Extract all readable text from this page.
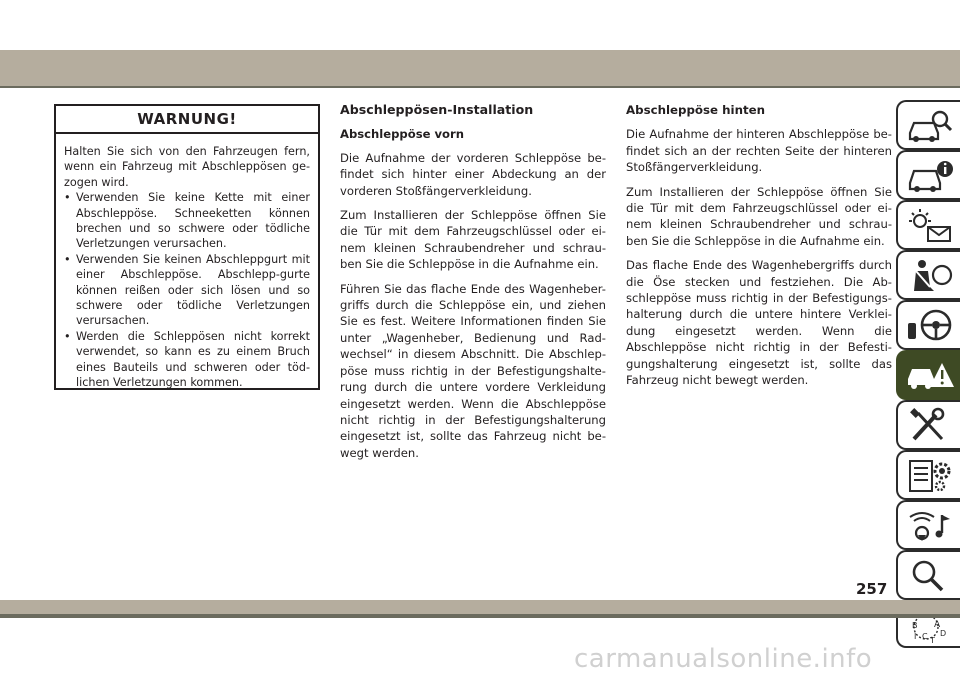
WARNUNG!

Halten Sie sich von den Fahrzeugen fern, wenn ein Fahrzeug mit Abschleppösen ge-zogen wird.

• Verwenden Sie keine Kette mit einer Abschleppöse. Schneeketten können brechen und so schwere oder tödliche Verletzungen verursachen.
• Verwenden Sie keinen Abschleppgurt mit einer Abschleppöse. Abschlepp-gurte können reißen oder sich lösen und so schwere oder tödliche Verletzungen verursachen.
• Werden die Schleppösen nicht korrekt verwendet, so kann es zu einem Bruch eines Bauteils und schweren oder töd-lichen Verletzungen kommen.
Abschleppösen-Installation
Abschleppöse vorn

Die Aufnahme der vorderen Schleppöse be-findet sich hinter einer Abdeckung an der vorderen Stoßfängerverkleidung.

Zum Installieren der Schleppöse öffnen Sie die Tür mit dem Fahrzeugschlüssel oder ei-nem kleinen Schraubendreher und schrau-ben Sie die Schleppöse in die Aufnahme ein.

Führen Sie das flache Ende des Wagenheber-griffs durch die Schleppöse ein, und ziehen Sie es fest. Weitere Informationen finden Sie unter „Wagenheber, Bedienung und Rad-wechsel“ in diesem Abschnitt. Die Abschlep-pöse muss richtig in der Befestigungshalte-rung durch die untere vordere Verkleidung eingesetzt werden. Wenn die Abschleppöse nicht richtig in der Befestigungshalterung eingesetzt ist, sollte das Fahrzeug nicht be-wegt werden.

Abschleppöse hinten

Die Aufnahme der hinteren Abschleppöse be-findet sich an der rechten Seite der hinteren Stoßfängerverkleidung.

Zum Installieren der Schleppöse öffnen Sie die Tür mit dem Fahrzeugschlüssel oder ei-nem kleinen Schraubendreher und schrau-ben Sie die Schleppöse in die Aufnahme ein.

Das flache Ende des Wagenhebergriffs durch die Öse stecken und festziehen. Die Ab-schleppöse muss richtig in der Befestigungs-halterung durch die untere hintere Verklei-dung eingesetzt werden. Wenn die Abschleppöse nicht richtig in der Befesti-gungshalterung eingesetzt ist, sollte das Fahrzeug nicht bewegt werden.

B A
D
I C T
257
carmanualsonline.info
